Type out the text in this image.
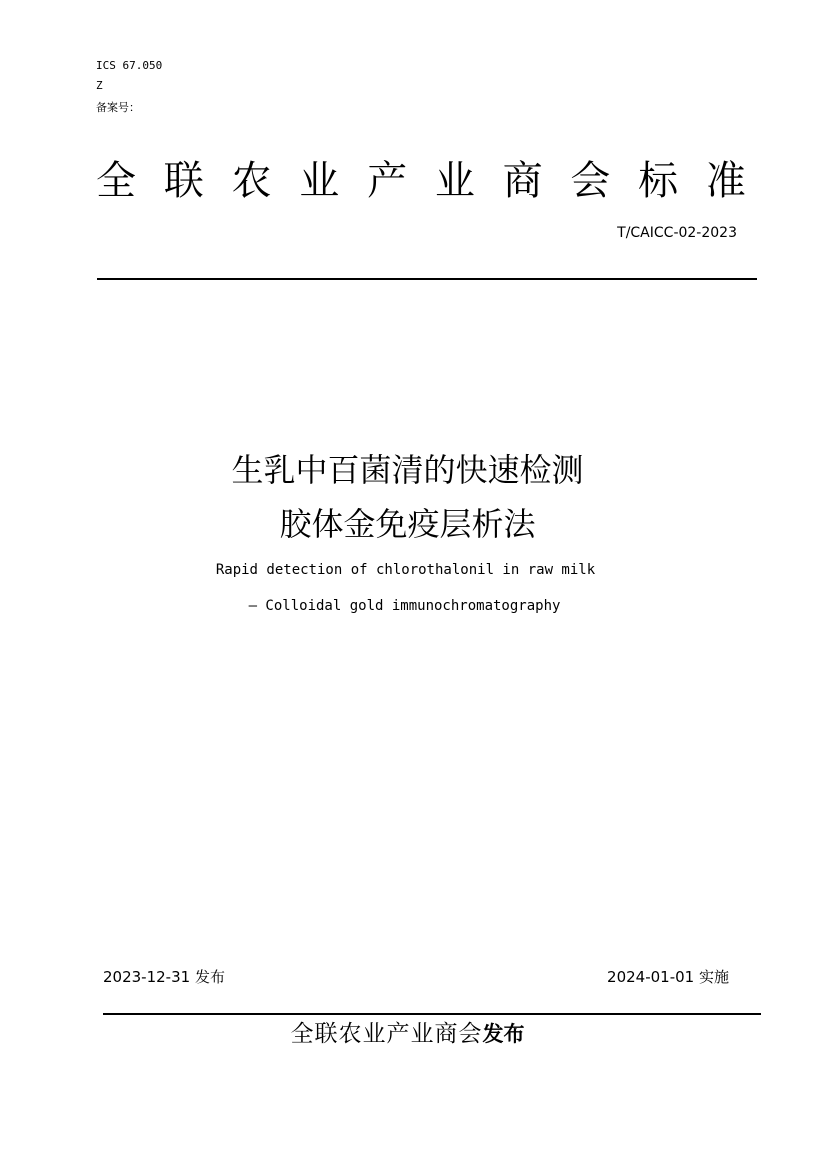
ICS 67.050
Z
备案号：
全 联 农 业 产 业 商 会 标 准
T/CAICC-02-2023
生乳中百菌清的快速检测
胶体金免疫层析法
Rapid detection of chlorothalonil in raw milk
— Colloidal gold immunochromatography
2023-12-31 发布	2024-01-01 实施
全联农业产业商会发布
